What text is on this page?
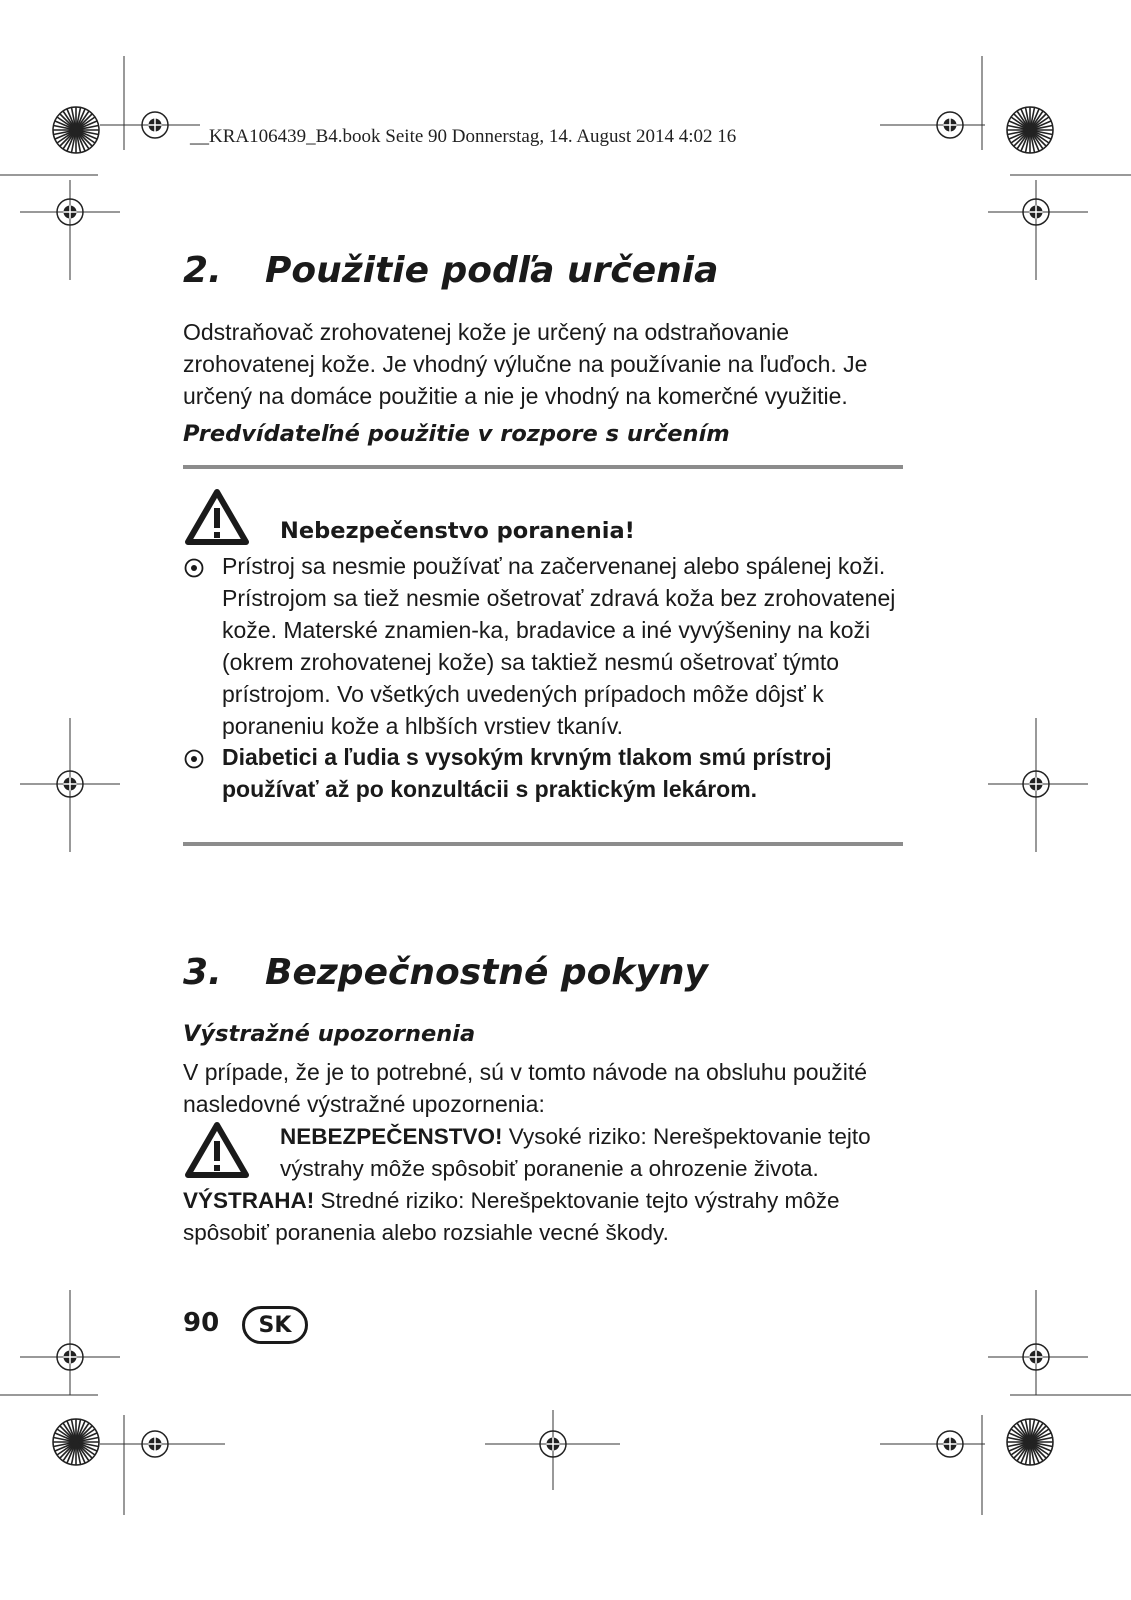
__KRA106439_B4.book Seite 90 Donnerstag, 14. August 2014 4:02 16
2. Použitie podľa určenia

Odstraňovač zrohovatenej kože je určený na odstraňovanie zrohovatenej kože. Je vhodný výlučne na používanie na ľuďoch. Je určený na domáce použitie a nie je vhodný na komerčné využitie.

Predvídateľné použitie v rozpore s určením
Nebezpečenstvo poranenia!

Prístroj sa nesmie používať na začervenanej alebo spálenej koži. Prístrojom sa tiež nesmie ošetrovať zdravá koža bez zrohovatenej kože. Materské znamien-ka, bradavice a iné vyvýšeniny na koži (okrem zrohovatenej kože) sa taktiež nesmú ošetrovať týmto prístrojom. Vo všetkých uvedených prípadoch môže dôjsť k poraneniu kože a hlbších vrstiev tkanív.

Diabetici a ľudia s vysokým krvným tlakom smú prístroj používať až po konzultácii s praktickým lekárom.

3. Bezpečnostné pokyny
Výstražné upozornenia

V prípade, že je to potrebné, sú v tomto návode na obsluhu použité nasledovné výstražné upozornenia:

NEBEZPEČENSTVO! Vysoké riziko: Nerešpektovanie tejto výstrahy môže spôsobiť poranenie a ohrozenie života.

VÝSTRAHA! Stredné riziko: Nerešpektovanie tejto výstrahy môže spôsobiť poranenia alebo rozsiahle vecné škody.

90	SK
